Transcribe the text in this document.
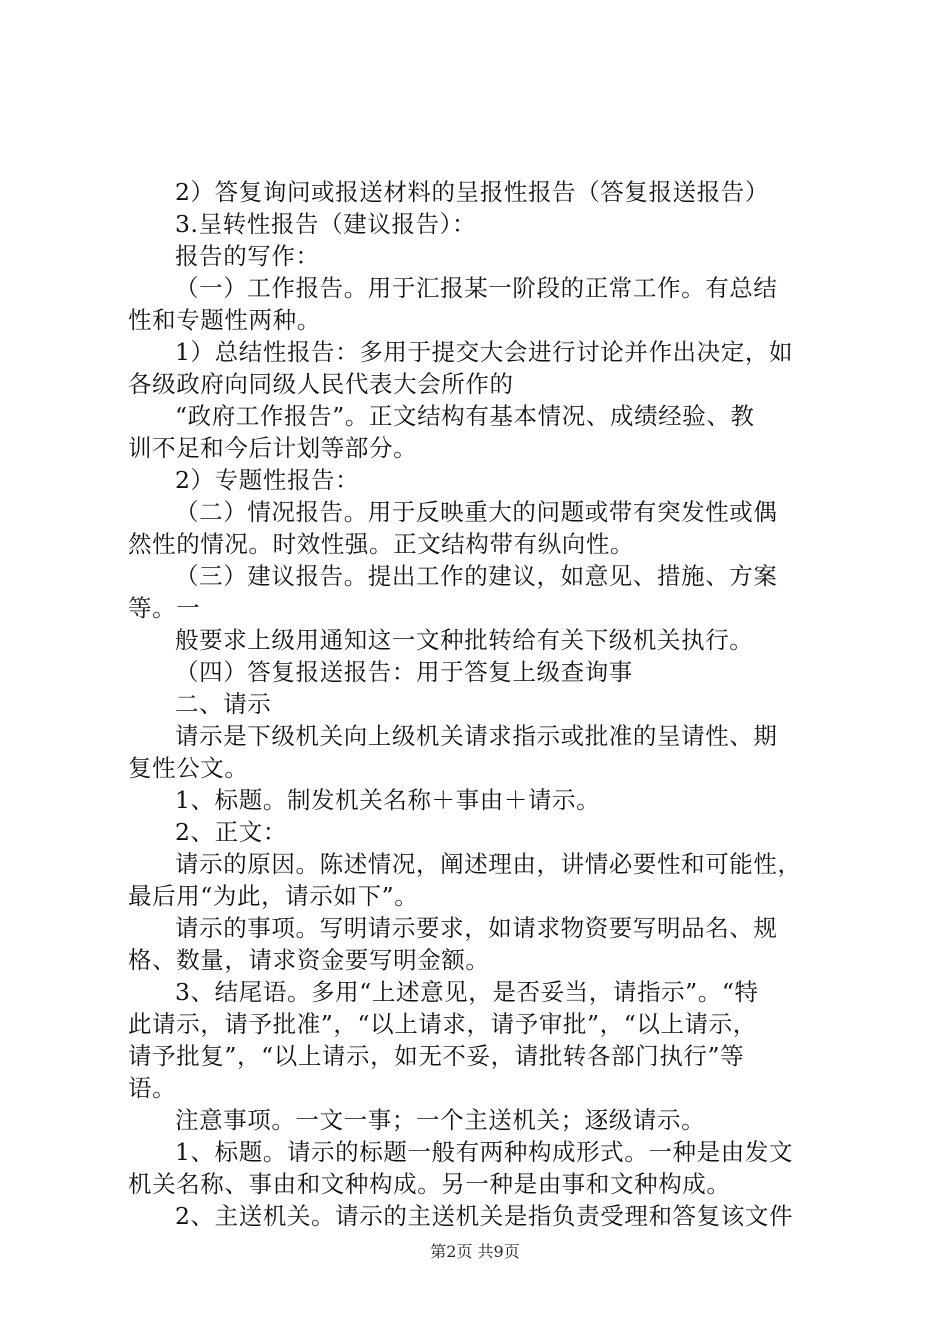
2）答复询问或报送材料的呈报性报告（答复报送报告）
3.呈转性报告（建议报告）：
报告的写作：
（一）工作报告。用于汇报某一阶段的正常工作。有总结
性和专题性两种。
1）总结性报告：多用于提交大会进行讨论并作出决定，如
各级政府向同级人民代表大会所作的
“政府工作报告”。正文结构有基本情况、成绩经验、教
训不足和今后计划等部分。
2）专题性报告：
（二）情况报告。用于反映重大的问题或带有突发性或偶
然性的情况。时效性强。正文结构带有纵向性。
（三）建议报告。提出工作的建议，如意见、措施、方案
等。一
般要求上级用通知这一文种批转给有关下级机关执行。
（四）答复报送报告：用于答复上级查询事
二、请示
请示是下级机关向上级机关请求指示或批准的呈请性、期
复性公文。
1、标题。制发机关名称＋事由＋请示。
2、正文：
请示的原因。陈述情况，阐述理由，讲情必要性和可能性，
最后用“为此，请示如下”。
请示的事项。写明请示要求，如请求物资要写明品名、规
格、数量，请求资金要写明金额。
3、结尾语。多用“上述意见，是否妥当，请指示”。“特
此请示，请予批准”，“以上请求，请予审批”，“以上请示，
请予批复”，“以上请示，如无不妥，请批转各部门执行”等
语。
注意事项。一文一事；一个主送机关；逐级请示。
1、标题。请示的标题一般有两种构成形式。一种是由发文
机关名称、事由和文种构成。另一种是由事和文种构成。
2、主送机关。请示的主送机关是指负责受理和答复该文件
第2页 共9页
